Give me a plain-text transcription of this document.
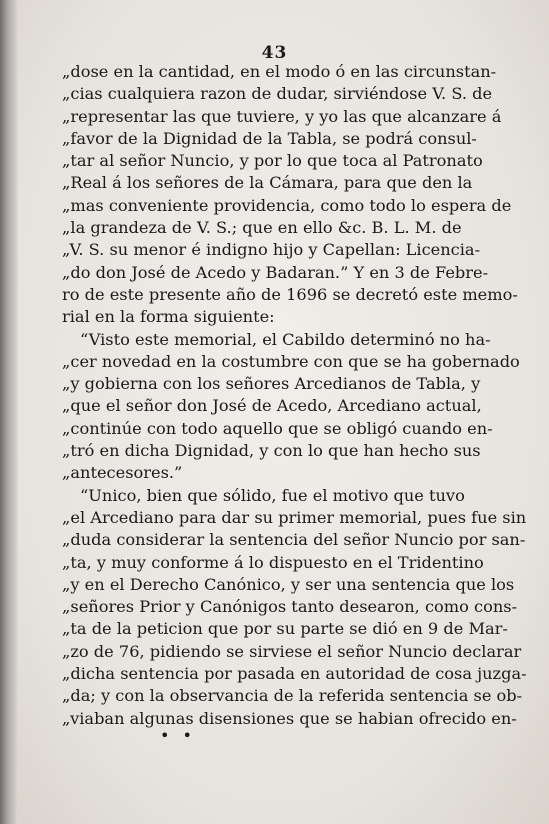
43
„dose en la cantidad, en el modo ó en las circunstan-
„cias cualquiera razon de dudar, sirviéndose V. S. de
„representar las que tuviere, y yo las que alcanzare á
„favor de la Dignidad de la Tabla, se podrá consul-
„tar al señor Nuncio, y por lo que toca al Patronato
„Real á los señores de la Cámara, para que den la
„mas conveniente providencia, como todo lo espera de
„la grandeza de V. S.; que en ello &c. B. L. M. de
„V. S. su menor é indigno hijo y Capellan: Licencia-
„do don José de Acedo y Badaran.” Y en 3 de Febre-
ro de este presente año de 1696 se decretó este memo-
rial en la forma siguiente:
“Visto este memorial, el Cabildo determinó no ha-
„cer novedad en la costumbre con que se ha gobernado
„y gobierna con los señores Arcedianos de Tabla, y
„que el señor don José de Acedo, Arcediano actual,
„continúe con todo aquello que se obligó cuando en-
„tró en dicha Dignidad, y con lo que han hecho sus
„antecesores.”
“Unico, bien que sólido, fue el motivo que tuvo
„el Arcediano para dar su primer memorial, pues fue sin
„duda considerar la sentencia del señor Nuncio por san-
„ta, y muy conforme á lo dispuesto en el Tridentino
„y en el Derecho Canónico, y ser una sentencia que los
„señores Prior y Canónigos tanto desearon, como cons-
„ta de la peticion que por su parte se dió en 9 de Mar-
„zo de 76, pidiendo se sirviese el señor Nuncio declarar
„dicha sentencia por pasada en autoridad de cosa juzga-
„da; y con la observancia de la referida sentencia se ob-
„viaban algunas disensiones que se habian ofrecido en-
• •
